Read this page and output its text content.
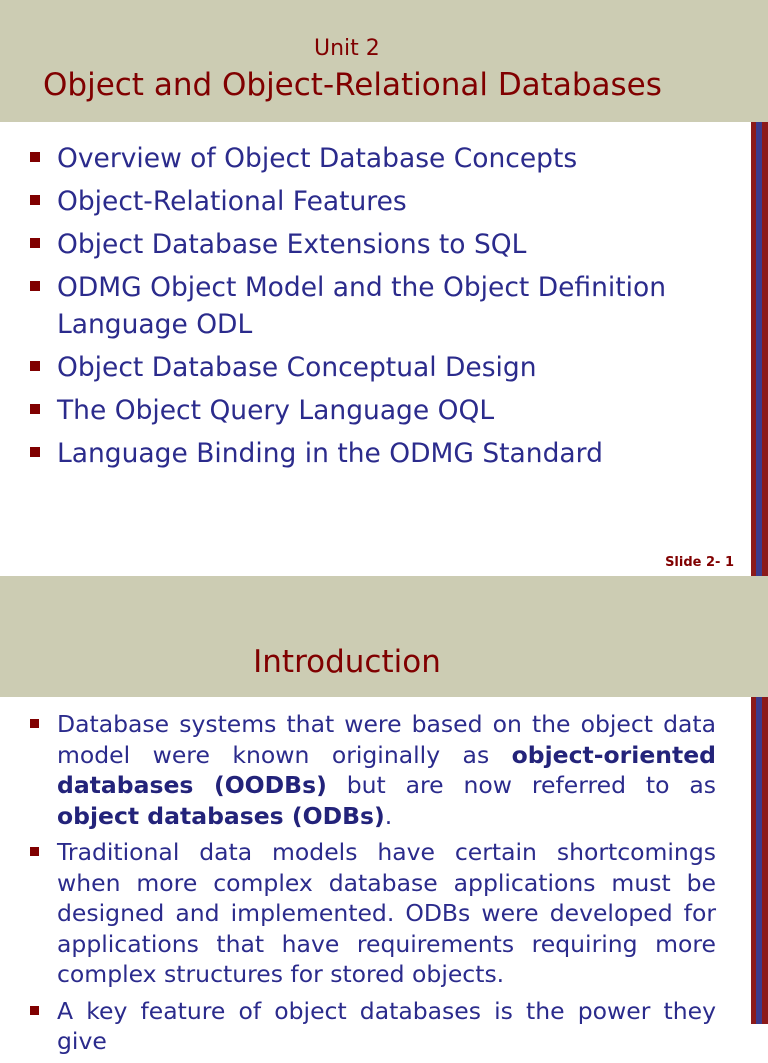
Unit 2
Object and Object-Relational Databases
Overview of Object Database Concepts
Object-Relational Features
Object Database Extensions to SQL
ODMG Object Model and the Object Definition Language ODL
Object Database Conceptual Design
The Object Query Language OQL
Language Binding in the ODMG Standard
Slide 2- 1
Introduction
Database systems that were based on the object data model were known originally as object-oriented databases (OODBs) but are now referred to as object databases (ODBs).
Traditional data models have certain shortcomings when more complex database applications must be designed and implemented. ODBs were developed for applications that have requirements requiring more complex structures for stored objects.
A key feature of object databases is the power they give
